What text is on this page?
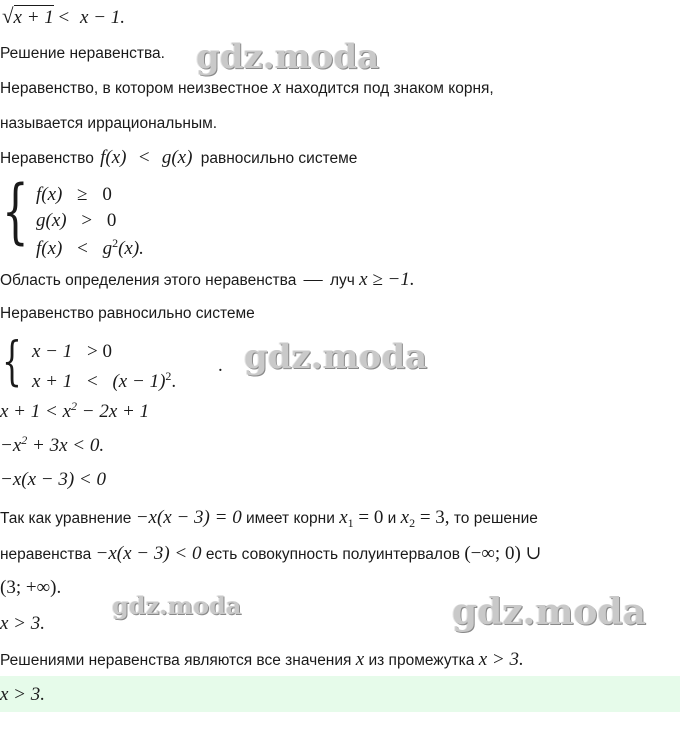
√x + 1 < x − 1.
Решение неравенства.
Неравенство, в котором неизвестное x находится под знаком корня,
называется иррациональным.
Неравенство f(x) < g(x) равносильно системе
{ f(x) ≥ 0
g(x) > 0
$f(x) < g^2(x)$.
Область определения этого неравенства — луч x ≥ −1.
Неравенство равносильно системе
{ x − 1 > 0
$x + 1 < (x - 1)^2$.
.
$x + 1 < x^2 - 2x + 1$
$-x^2 + 3x < 0$.
−x(x − 3) < 0
Так как уравнение −x(x − 3) = 0 имеет корни $x_1 = 0$ и $x_2 = 3$, то решение
неравенства −x(x − 3) < 0 есть совокупность полуинтервалов (−∞; 0) ∪
(3; +∞).
x > 3.
Решениями неравенства являются все значения x из промежутка x > 3.
x > 3.
gdz.moda
gdz.moda
gdz.moda	gdz.moda
